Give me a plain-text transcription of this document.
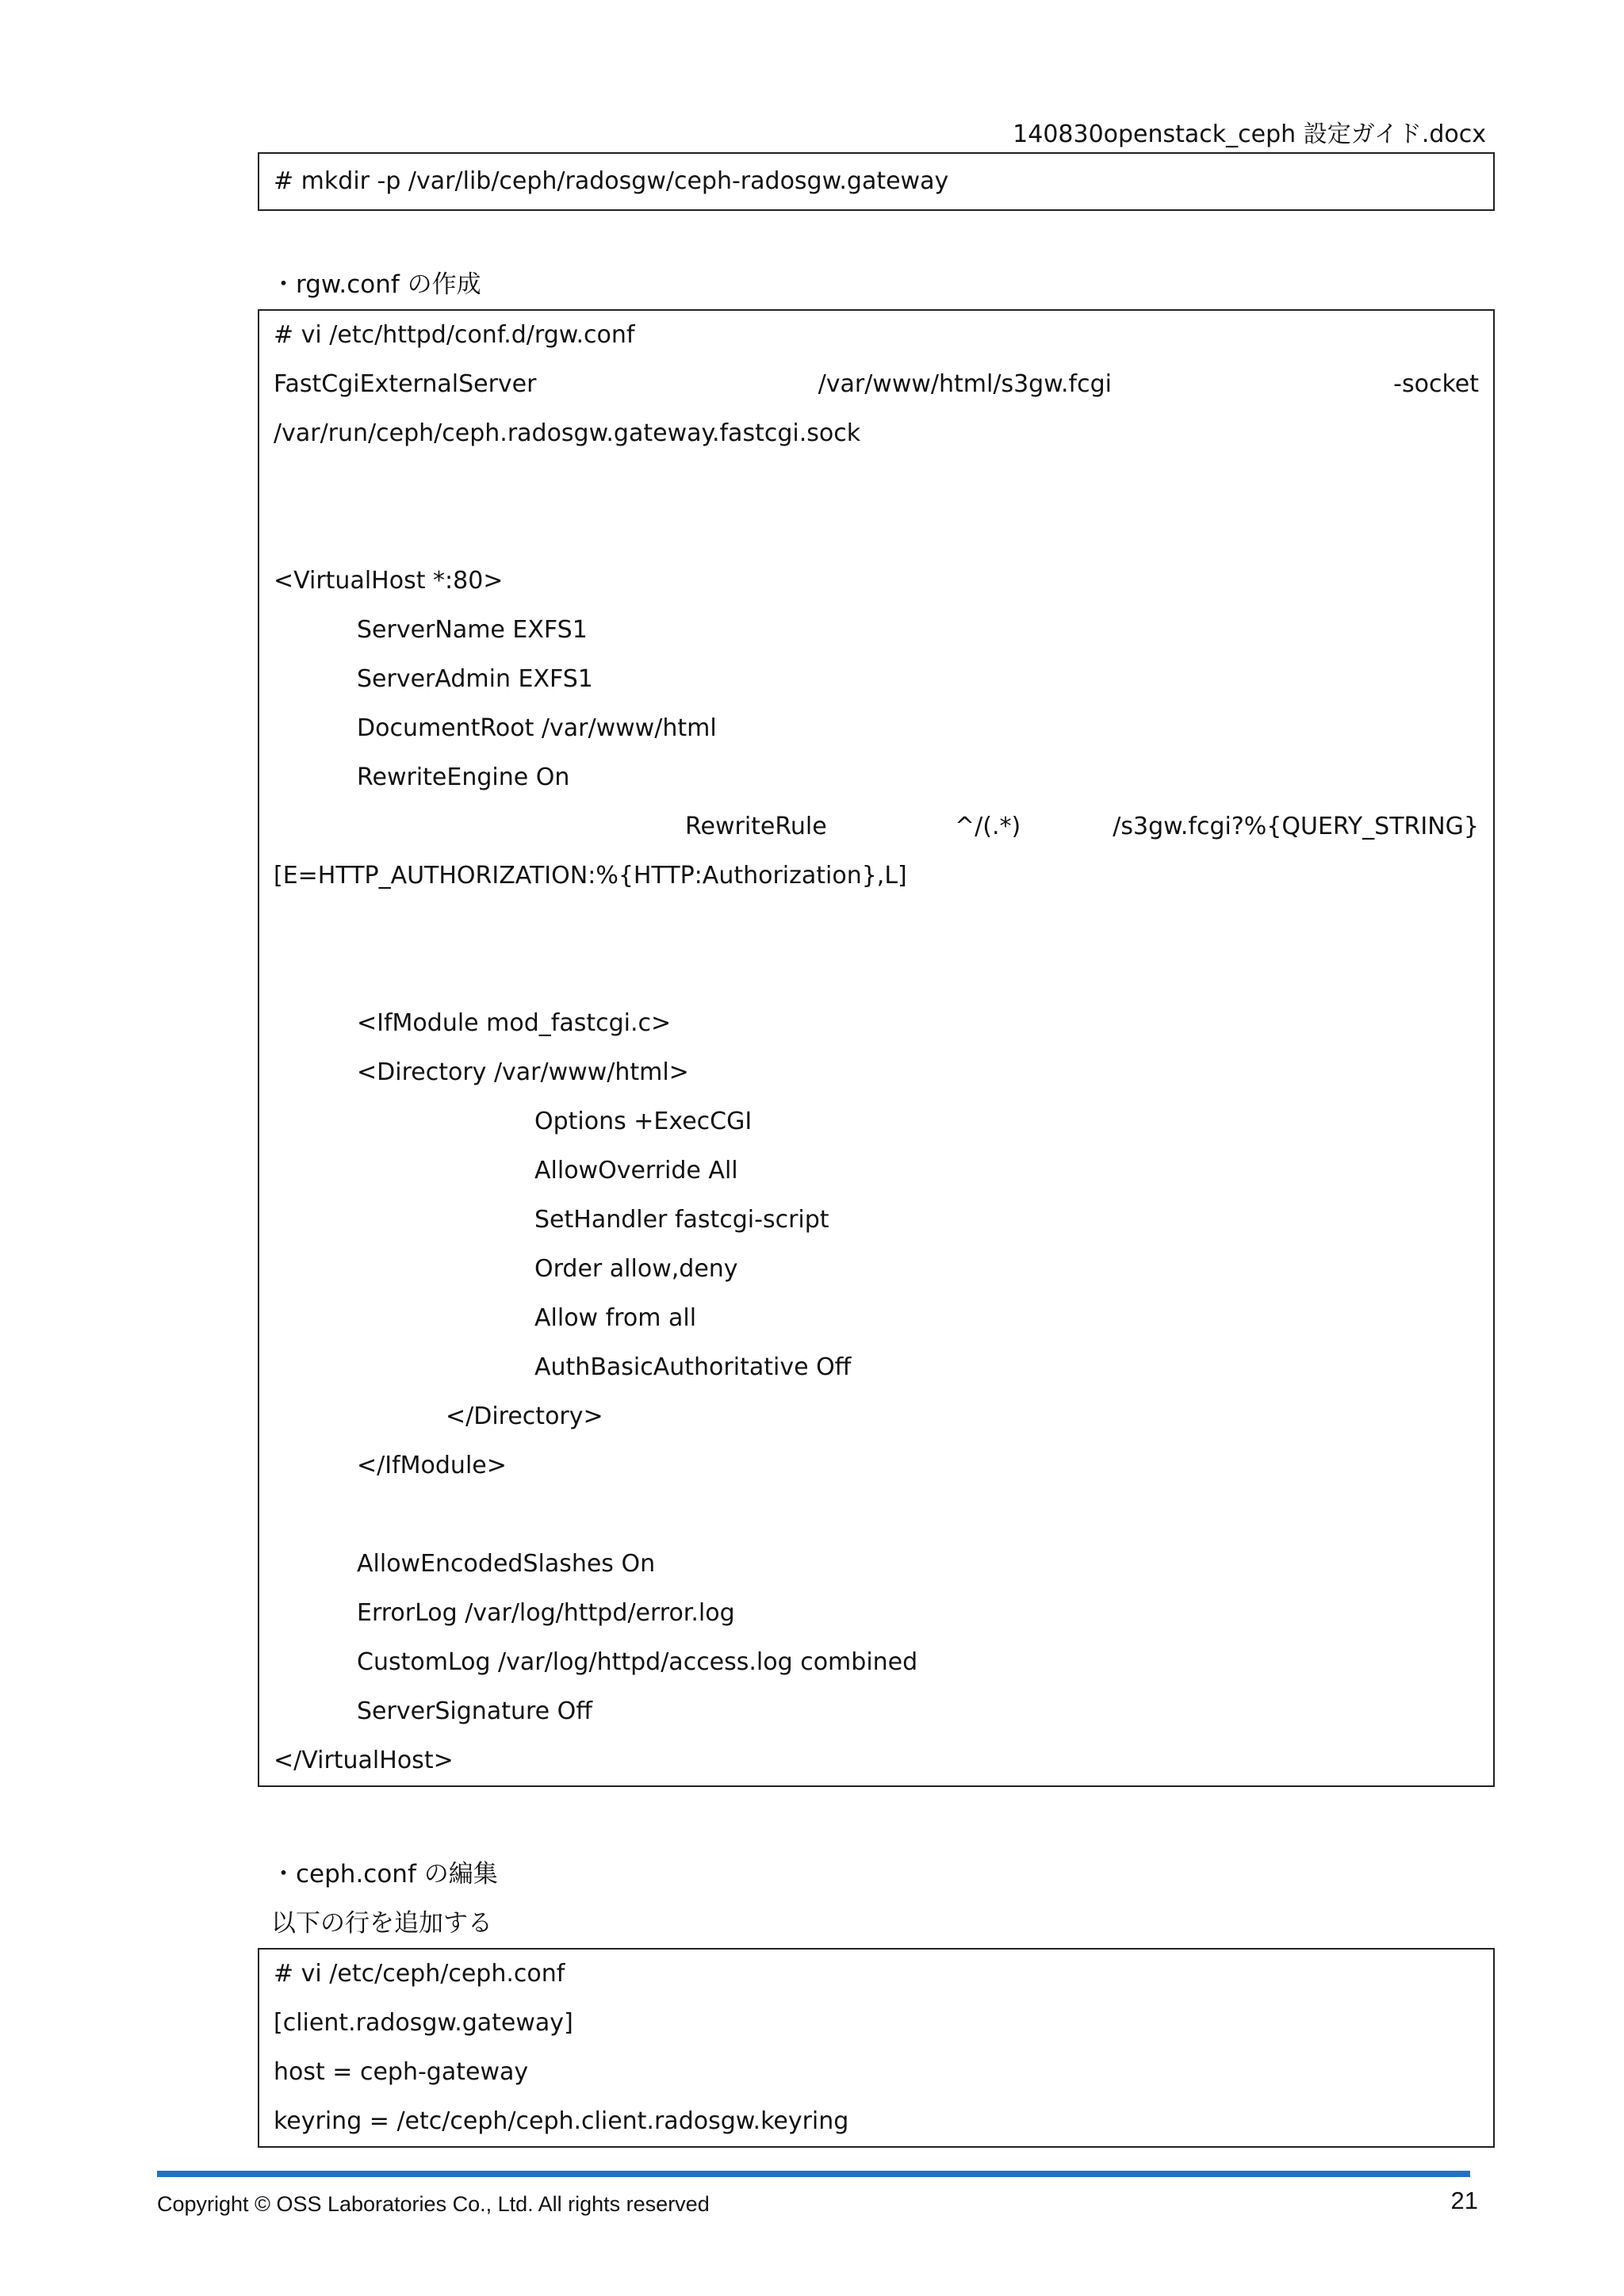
140830openstack_ceph 設定ガイド.docx
# mkdir -p /var/lib/ceph/radosgw/ceph-radosgw.gateway
・rgw.conf の作成
# vi /etc/httpd/conf.d/rgw.conf
FastCgiExternalServer	/var/www/html/s3gw.fcgi	-socket
/var/run/ceph/ceph.radosgw.gateway.fastcgi.sock
<VirtualHost *:80>
ServerName EXFS1
ServerAdmin EXFS1
DocumentRoot /var/www/html
RewriteEngine On
RewriteRule	^/(.*)	/s3gw.fcgi?%{QUERY_STRING}
[E=HTTP_AUTHORIZATION:%{HTTP:Authorization},L]
<IfModule mod_fastcgi.c>
<Directory /var/www/html>
Options +ExecCGI
AllowOverride All
SetHandler fastcgi-script
Order allow,deny
Allow from all
AuthBasicAuthoritative Off
</Directory>
</IfModule>
AllowEncodedSlashes On
ErrorLog /var/log/httpd/error.log
CustomLog /var/log/httpd/access.log combined
ServerSignature Off
</VirtualHost>
・ceph.conf の編集
以下の行を追加する
# vi /etc/ceph/ceph.conf
[client.radosgw.gateway]
host = ceph-gateway
keyring = /etc/ceph/ceph.client.radosgw.keyring
Copyright © OSS Laboratories Co., Ltd. All rights reserved	21
